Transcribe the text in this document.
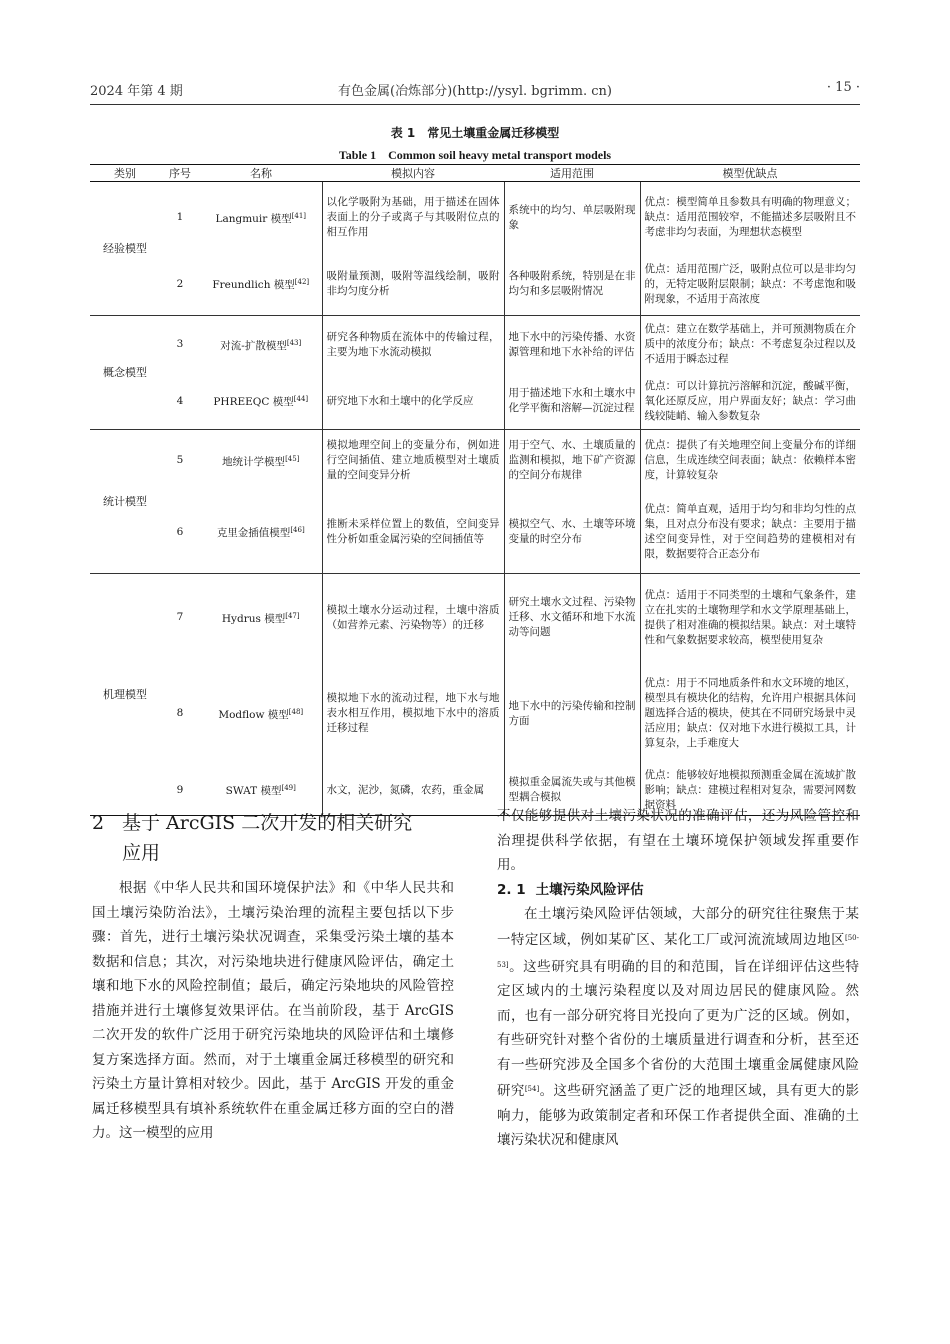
2024 年第 4 期	有色金属(冶炼部分)(http://ysyl. bgrimm. cn)	· 15 ·
表 1　常见土壤重金属迁移模型
Table 1　Common soil heavy metal transport models
类别	序号	名称	模拟内容	适用范围	模型优缺点
经验模型	1	Langmuir 模型[41]	以化学吸附为基础，用于描述在固体表面上的分子或离子与其吸附位点的相互作用	系统中的均匀、单层吸附现象	优点：模型简单且参数具有明确的物理意义；缺点：适用范围较窄，不能描述多层吸附且不考虑非均匀表面，为理想状态模型
	2	Freundlich 模型[42]	吸附量预测，吸附等温线绘制，吸附非均匀度分析	各种吸附系统，特别是在非均匀和多层吸附情况	优点：适用范围广泛，吸附点位可以是非均匀的，无特定吸附层限制；缺点：不考虑饱和吸附现象，不适用于高浓度
概念模型	3	对流-扩散模型[43]	研究各种物质在流体中的传输过程，主要为地下水流动模拟	地下水中的污染传播、水资源管理和地下水补给的评估	优点：建立在数学基础上，并可预测物质在介质中的浓度分布；缺点：不考虑复杂过程以及不适用于瞬态过程
	4	PHREEQC 模型[44]	研究地下水和土壤中的化学反应	用于描述地下水和土壤水中化学平衡和溶解—沉淀过程	优点：可以计算抗污溶解和沉淀，酸碱平衡，氧化还原反应，用户界面友好；缺点：学习曲线较陡峭、输入参数复杂
统计模型	5	地统计学模型[45]	模拟地理空间上的变量分布，例如进行空间插值、建立地质模型对土壤质量的空间变异分析	用于空气、水、土壤质量的监测和模拟，地下矿产资源的空间分布规律	优点：提供了有关地理空间上变量分布的详细信息，生成连续空间表面；缺点：依赖样本密度，计算较复杂
	6	克里金插值模型[46]	推断未采样位置上的数值，空间变异性分析如重金属污染的空间插值等	模拟空气、水、土壤等环境变量的时空分布	优点：简单直观，适用于均匀和非均匀性的点集，且对点分布没有要求；缺点：主要用于描述空间变异性，对于空间趋势的建模相对有限，数据要符合正态分布
机理模型	7	Hydrus 模型[47]	模拟土壤水分运动过程，土壤中溶质（如营养元素、污染物等）的迁移	研究土壤水文过程、污染物迁移、水文循环和地下水流动等问题	优点：适用于不同类型的土壤和气象条件，建立在扎实的土壤物理学和水文学原理基础上，提供了相对准确的模拟结果。缺点：对土壤特性和气象数据要求较高，模型使用复杂
	8	Modflow 模型[48]	模拟地下水的流动过程，地下水与地表水相互作用，模拟地下水中的溶质迁移过程	地下水中的污染传输和控制方面	优点：用于不同地质条件和水文环境的地区，模型具有模块化的结构，允许用户根据具体问题选择合适的模块，使其在不同研究场景中灵活应用；缺点：仅对地下水进行模拟工具，计算复杂，上手难度大
	9	SWAT 模型[49]	水文，泥沙，氮磷，农药，重金属	模拟重金属流失或与其他模型耦合模拟	优点：能够较好地模拟预测重金属在流域扩散影响；缺点：建模过程相对复杂，需要河网数据资料
2 基于 ArcGIS 二次开发的相关研究
应用

根据《中华人民共和国环境保护法》和《中华人民共和国土壤污染防治法》，土壤污染治理的流程主要包括以下步骤：首先，进行土壤污染状况调查，采集受污染土壤的基本数据和信息；其次，对污染地块进行健康风险评估，确定土壤和地下水的风险控制值；最后，确定污染地块的风险管控措施并进行土壤修复效果评估。在当前阶段，基于 ArcGIS 二次开发的软件广泛用于研究污染地块的风险评估和土壤修复方案选择方面。然而，对于土壤重金属迁移模型的研究和污染土方量计算相对较少。因此，基于 ArcGIS 开发的重金属迁移模型具有填补系统软件在重金属迁移方面的空白的潜力。这一模型的应用

不仅能够提供对土壤污染状况的准确评估，还为风险管控和治理提供科学依据，有望在土壤环境保护领域发挥重要作用。

2. 1 土壤污染风险评估

在土壤污染风险评估领域，大部分的研究往往聚焦于某一特定区域，例如某矿区、某化工厂或河流流域周边地区[50-53]。这些研究具有明确的目的和范围，旨在详细评估这些特定区域内的土壤污染程度以及对周边居民的健康风险。然而，也有一部分研究将目光投向了更为广泛的区域。例如，有些研究针对整个省份的土壤质量进行调查和分析，甚至还有一些研究涉及全国多个省份的大范围土壤重金属健康风险研究[54]。这些研究涵盖了更广泛的地理区域，具有更大的影响力，能够为政策制定者和环保工作者提供全面、准确的土壤污染状况和健康风
